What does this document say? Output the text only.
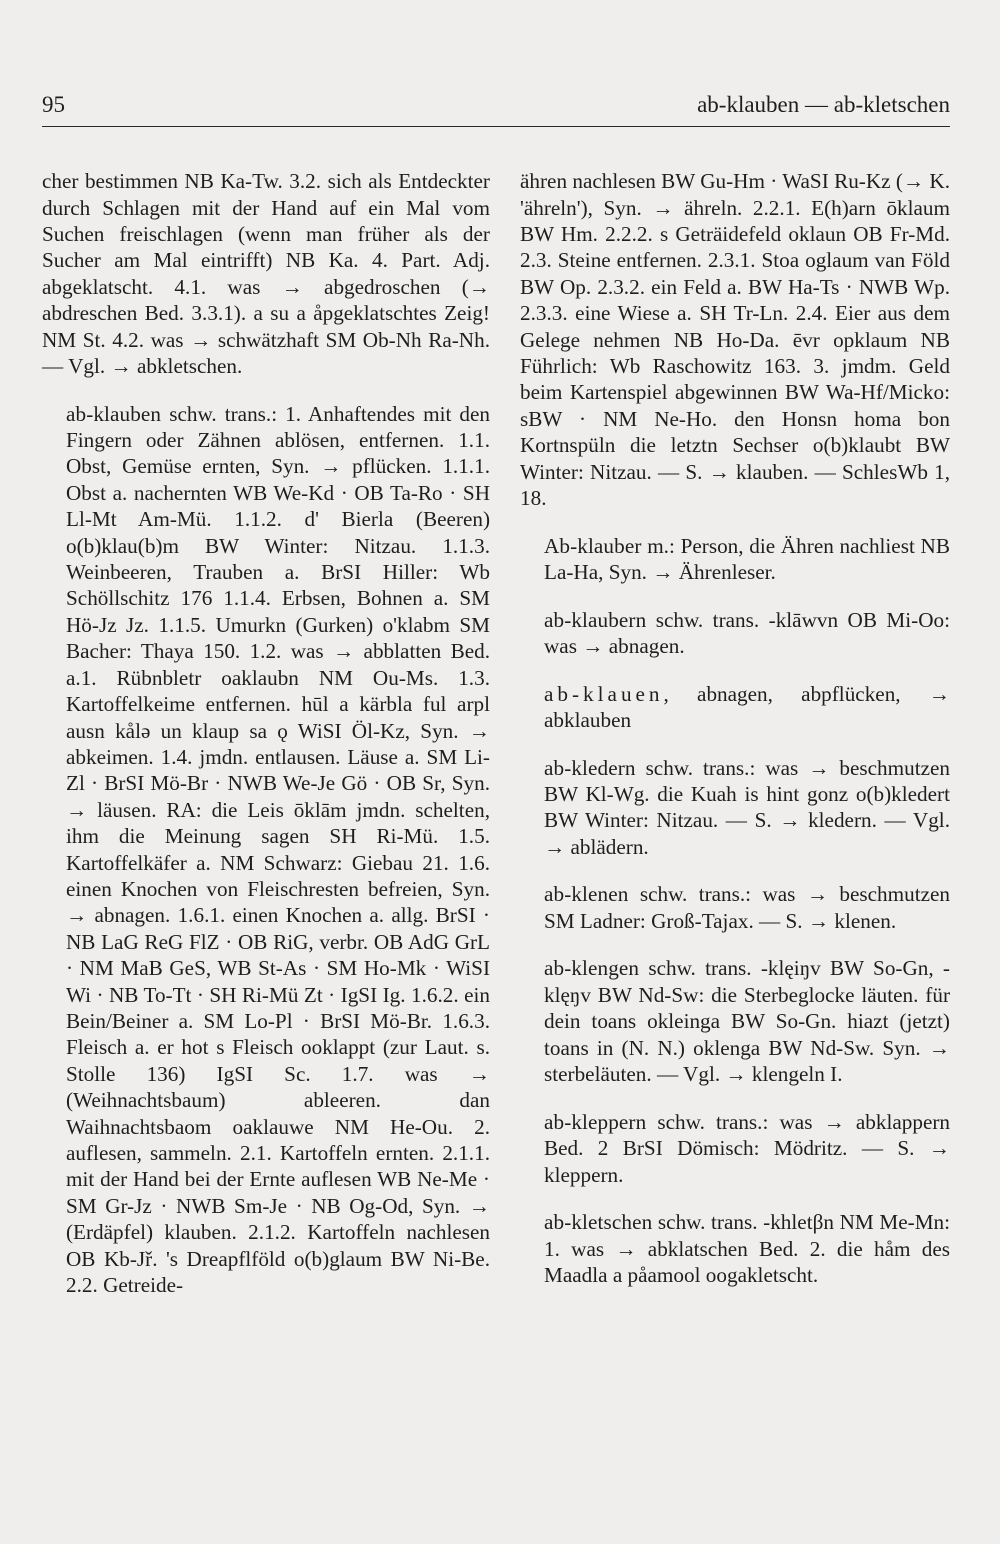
95	ab-klauben — ab-kletschen

cher bestimmen NB Ka-Tw. 3.2. sich als Entdeckter durch Schlagen mit der Hand auf ein Mal vom Suchen freischlagen (wenn man früher als der Sucher am Mal eintrifft) NB Ka. 4. Part. Adj. abgeklatscht. 4.1. was → abgedroschen (→ abdreschen Bed. 3.3.1). a su a åpgeklatschtes Zeig! NM St. 4.2. was → schwätzhaft SM Ob-Nh Ra-Nh. — Vgl. → abkletschen.

ab-klauben schw. trans.: 1. Anhaftendes mit den Fingern oder Zähnen ablösen, entfernen. 1.1. Obst, Gemüse ernten, Syn. → pflücken. 1.1.1. Obst a. nachernten WB We-Kd · OB Ta-Ro · SH Ll-Mt Am-Mü. 1.1.2. d' Bierla (Beeren) o(b)klau(b)m BW Winter: Nitzau. 1.1.3. Weinbeeren, Trauben a. BrSI Hiller: Wb Schöllschitz 176 1.1.4. Erbsen, Bohnen a. SM Hö-Jz Jz. 1.1.5. Umurkn (Gurken) o'klabm SM Bacher: Thaya 150. 1.2. was → abblatten Bed. a.1. Rübnbletr oaklaubn NM Ou-Ms. 1.3. Kartoffelkeime entfernen. hūl a kärbla ful arpl ausn kålə un klaup sa ǫ WiSI Öl-Kz, Syn. → abkeimen. 1.4. jmdn. entlausen. Läuse a. SM Li-Zl · BrSI Mö-Br · NWB We-Je Gö · OB Sr, Syn. → läusen. RA: die Leis ōklām jmdn. schelten, ihm die Meinung sagen SH Ri-Mü. 1.5. Kartoffelkäfer a. NM Schwarz: Giebau 21. 1.6. einen Knochen von Fleischresten befreien, Syn. → abnagen. 1.6.1. einen Knochen a. allg. BrSI · NB LaG ReG FlZ · OB RiG, verbr. OB AdG GrL · NM MaB GeS, WB St-As · SM Ho-Mk · WiSI Wi · NB To-Tt · SH Ri-Mü Zt · IgSI Ig. 1.6.2. ein Bein/Beiner a. SM Lo-Pl · BrSI Mö-Br. 1.6.3. Fleisch a. er hot s Fleisch ooklappt (zur Laut. s. Stolle 136) IgSI Sc. 1.7. was → (Weihnachtsbaum) ableeren. dan Waihnachtsbaom oaklauwe NM He-Ou. 2. auflesen, sammeln. 2.1. Kartoffeln ernten. 2.1.1. mit der Hand bei der Ernte auflesen WB Ne-Me · SM Gr-Jz · NWB Sm-Je · NB Og-Od, Syn. → (Erdäpfel) klauben. 2.1.2. Kartoffeln nachlesen OB Kb-Jř. 's Dreapflföld o(b)glaum BW Ni-Be. 2.2. Getreide-

ähren nachlesen BW Gu-Hm · WaSI Ru-Kz (→ K. 'ähreln'), Syn. → ähreln. 2.2.1. E(h)arn ōklaum BW Hm. 2.2.2. s Geträidefeld oklaun OB Fr-Md. 2.3. Steine entfernen. 2.3.1. Stoa oglaum van Föld BW Op. 2.3.2. ein Feld a. BW Ha-Ts · NWB Wp. 2.3.3. eine Wiese a. SH Tr-Ln. 2.4. Eier aus dem Gelege nehmen NB Ho-Da. ēvr opklaum NB Führlich: Wb Raschowitz 163. 3. jmdm. Geld beim Kartenspiel abgewinnen BW Wa-Hf/Micko: sBW · NM Ne-Ho. den Honsn homa bon Kortnspüln die letztn Sechser o(b)klaubt BW Winter: Nitzau. — S. → klauben. — SchlesWb 1, 18.

Ab-klauber m.: Person, die Ähren nachliest NB La-Ha, Syn. → Ährenleser.

ab-klaubern schw. trans. -klāwvn OB Mi-Oo: was → abnagen.

ab-klauen, abnagen, abpflücken, → abklauben

ab-kledern schw. trans.: was → beschmutzen BW Kl-Wg. die Kuah is hint gonz o(b)kledert BW Winter: Nitzau. — S. → kledern. — Vgl. → ablädern.

ab-klenen schw. trans.: was → beschmutzen SM Ladner: Groß-Tajax. — S. → klenen.

ab-klengen schw. trans. -klęiŋv BW So-Gn, -klęŋv BW Nd-Sw: die Sterbeglocke läuten. für dein toans okleinga BW So-Gn. hiazt (jetzt) toans in (N. N.) oklenga BW Nd-Sw. Syn. → sterbeläuten. — Vgl. → klengeln I.

ab-kleppern schw. trans.: was → abklappern Bed. 2 BrSI Dömisch: Mödritz. — S. → kleppern.

ab-kletschen schw. trans. -khletβn NM Me-Mn: 1. was → abklatschen Bed. 2. die håm des Maadla a påamool oogakletscht.
